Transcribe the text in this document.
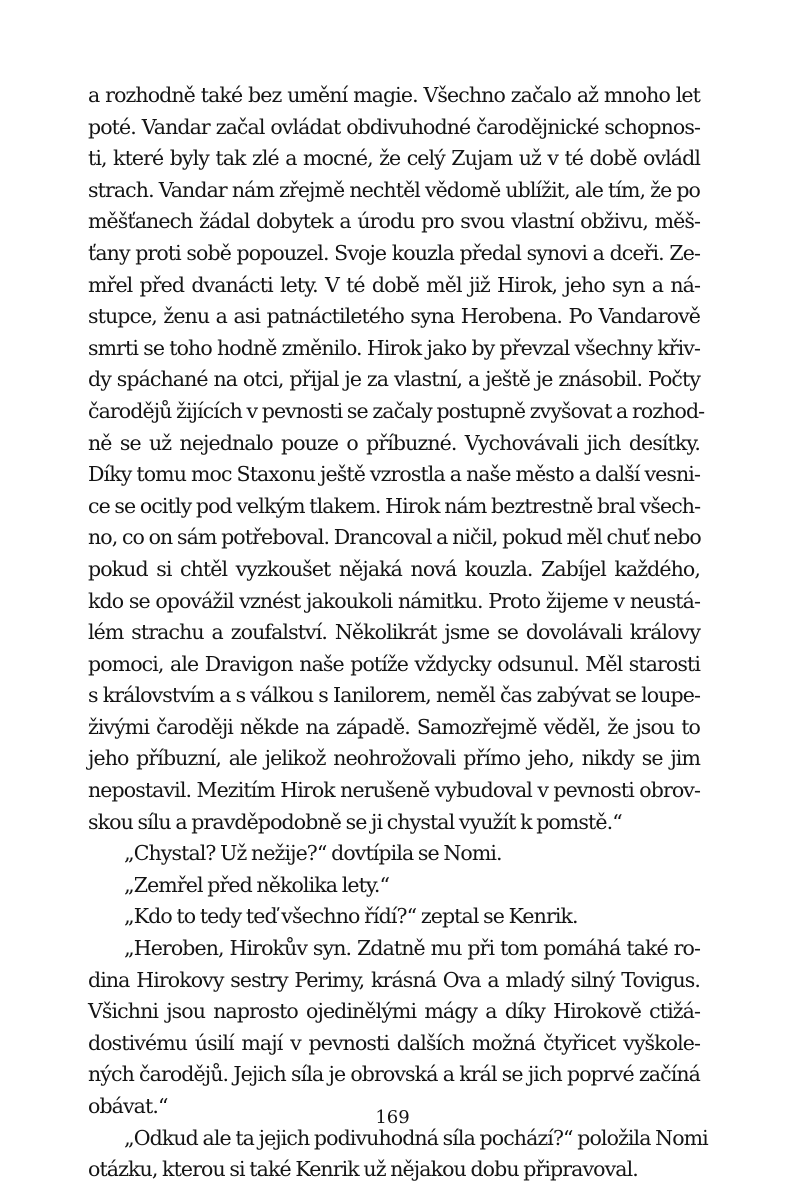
a rozhodně také bez umění magie. Všechno začalo až mnoho let
poté. Vandar začal ovládat obdivuhodné čarodějnické schopnos-
ti, které byly tak zlé a mocné, že celý Zujam už v té době ovládl
strach. Vandar nám zřejmě nechtěl vědomě ublížit, ale tím, že po
měšťanech žádal dobytek a úrodu pro svou vlastní obživu, měš-
ťany proti sobě popouzel. Svoje kouzla předal synovi a dceři. Ze-
mřel před dvanácti lety. V té době měl již Hirok, jeho syn a ná-
stupce, ženu a asi patnáctiletého syna Herobena. Po Vandarově
smrti se toho hodně změnilo. Hirok jako by převzal všechny křiv-
dy spáchané na otci, přijal je za vlastní, a ještě je znásobil. Počty
čarodějů žijících v pevnosti se začaly postupně zvyšovat a rozhod-
ně se už nejednalo pouze o příbuzné. Vychovávali jich desítky.
Díky tomu moc Staxonu ještě vzrostla a naše město a další vesni-
ce se ocitly pod velkým tlakem. Hirok nám beztrestně bral všech-
no, co on sám potřeboval. Drancoval a ničil, pokud měl chuť nebo
pokud si chtěl vyzkoušet nějaká nová kouzla. Zabíjel každého,
kdo se opovážil vznést jakoukoli námitku. Proto žijeme v neustá-
lém strachu a zoufalství. Několikrát jsme se dovolávali královy
pomoci, ale Dravigon naše potíže vždycky odsunul. Měl starosti
s královstvím a s válkou s Ianilorem, neměl čas zabývat se loupe-
živými čaroději někde na západě. Samozřejmě věděl, že jsou to
jeho příbuzní, ale jelikož neohrožovali přímo jeho, nikdy se jim
nepostavil. Mezitím Hirok nerušeně vybudoval v pevnosti obrov-
skou sílu a pravděpodobně se ji chystal využít k pomstě.“
„Chystal? Už nežije?“ dovtípila se Nomi.
„Zemřel před několika lety.“
„Kdo to tedy teď všechno řídí?“ zeptal se Kenrik.
„Heroben, Hirokův syn. Zdatně mu při tom pomáhá také ro-
dina Hirokovy sestry Perimy, krásná Ova a mladý silný Tovigus.
Všichni jsou naprosto ojedinělými mágy a díky Hirokově ctižá-
dostivému úsilí mají v pevnosti dalších možná čtyřicet vyškole-
ných čarodějů. Jejich síla je obrovská a král se jich poprvé začíná
obávat.“
„Odkud ale ta jejich podivuhodná síla pochází?“ položila Nomi
otázku, kterou si také Kenrik už nějakou dobu připravoval.
169
